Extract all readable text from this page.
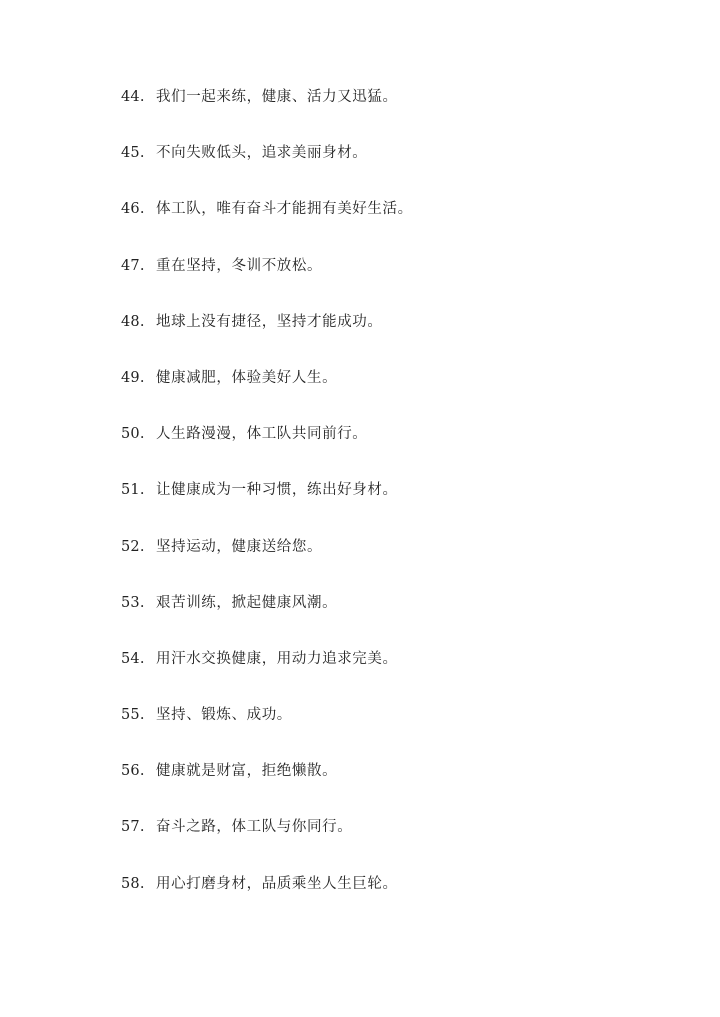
44. 我们一起来练，健康、活力又迅猛。
45. 不向失败低头，追求美丽身材。
46. 体工队，唯有奋斗才能拥有美好生活。
47. 重在坚持，冬训不放松。
48. 地球上没有捷径，坚持才能成功。
49. 健康减肥，体验美好人生。
50. 人生路漫漫，体工队共同前行。
51. 让健康成为一种习惯，练出好身材。
52. 坚持运动，健康送给您。
53. 艰苦训练，掀起健康风潮。
54. 用汗水交换健康，用动力追求完美。
55. 坚持、锻炼、成功。
56. 健康就是财富，拒绝懒散。
57. 奋斗之路，体工队与你同行。
58. 用心打磨身材，品质乘坐人生巨轮。
